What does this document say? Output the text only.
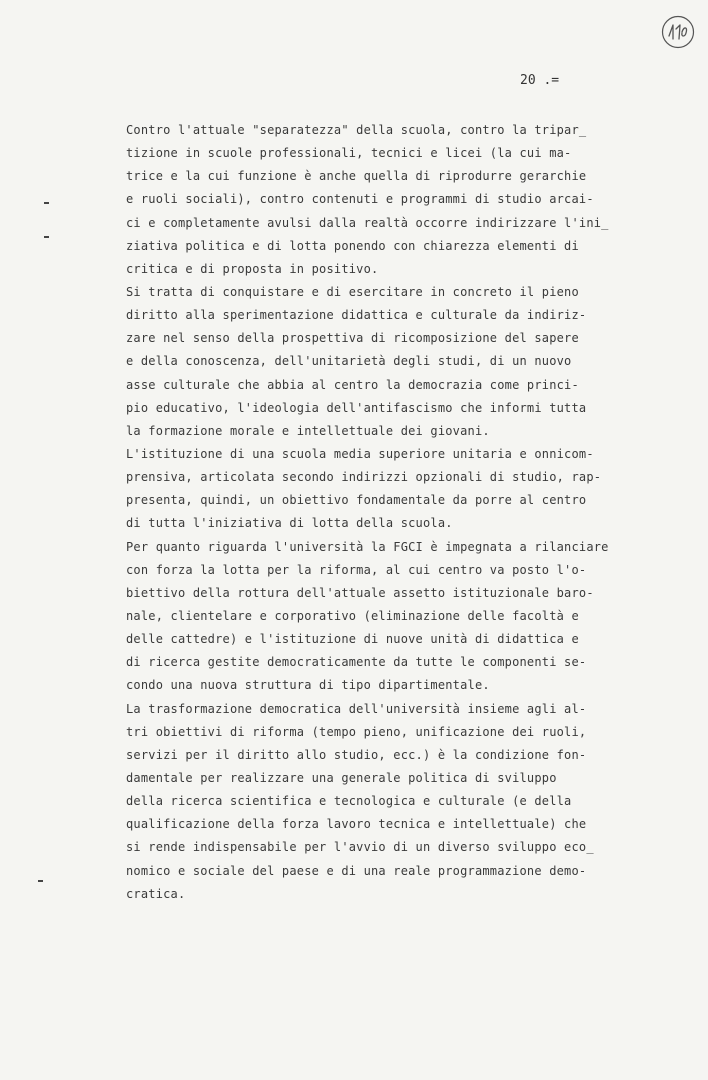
20 .=
Contro l'attuale "separatezza" della scuola, contro la tripar_
tizione in scuole professionali, tecnici e licei (la cui ma-
trice e la cui funzione è anche quella di riprodurre gerarchie
e ruoli sociali), contro contenuti e programmi di studio arcai-
ci e completamente avulsi dalla realtà occorre indirizzare l'ini_
ziativa politica e di lotta ponendo con chiarezza elementi di
critica e di proposta in positivo.
Si tratta di conquistare e di esercitare in concreto il pieno
diritto alla sperimentazione didattica e culturale da indiriz-
zare nel senso della prospettiva di ricomposizione del sapere
e della conoscenza, dell'unitarietà degli studi, di un nuovo
asse culturale che abbia al centro la democrazia come princi-
pio educativo, l'ideologia dell'antifascismo che informi tutta
la formazione morale e intellettuale dei giovani.
L'istituzione di una scuola media superiore unitaria e onnicom-
prensiva, articolata secondo indirizzi opzionali di studio, rap-
presenta, quindi, un obiettivo fondamentale da porre al centro
di tutta l'iniziativa di lotta della scuola.
Per quanto riguarda l'università la FGCI è impegnata a rilanciare
con forza la lotta per la riforma, al cui centro va posto l'o-
biettivo della rottura dell'attuale assetto istituzionale baro-
nale, clientelare e corporativo (eliminazione delle facoltà e
delle cattedre) e l'istituzione di nuove unità di didattica e
di ricerca gestite democraticamente da tutte le componenti se-
condo una nuova struttura di tipo dipartimentale.
La trasformazione democratica dell'università insieme agli al-
tri obiettivi di riforma (tempo pieno, unificazione dei ruoli,
servizi per il diritto allo studio, ecc.) è la condizione fon-
damentale per realizzare una generale politica di sviluppo
della ricerca scientifica e tecnologica e culturale (e della
qualificazione della forza lavoro tecnica e intellettuale) che
si rende indispensabile per l'avvio di un diverso sviluppo eco_
nomico e sociale del paese e di una reale programmazione demo-
cratica.
